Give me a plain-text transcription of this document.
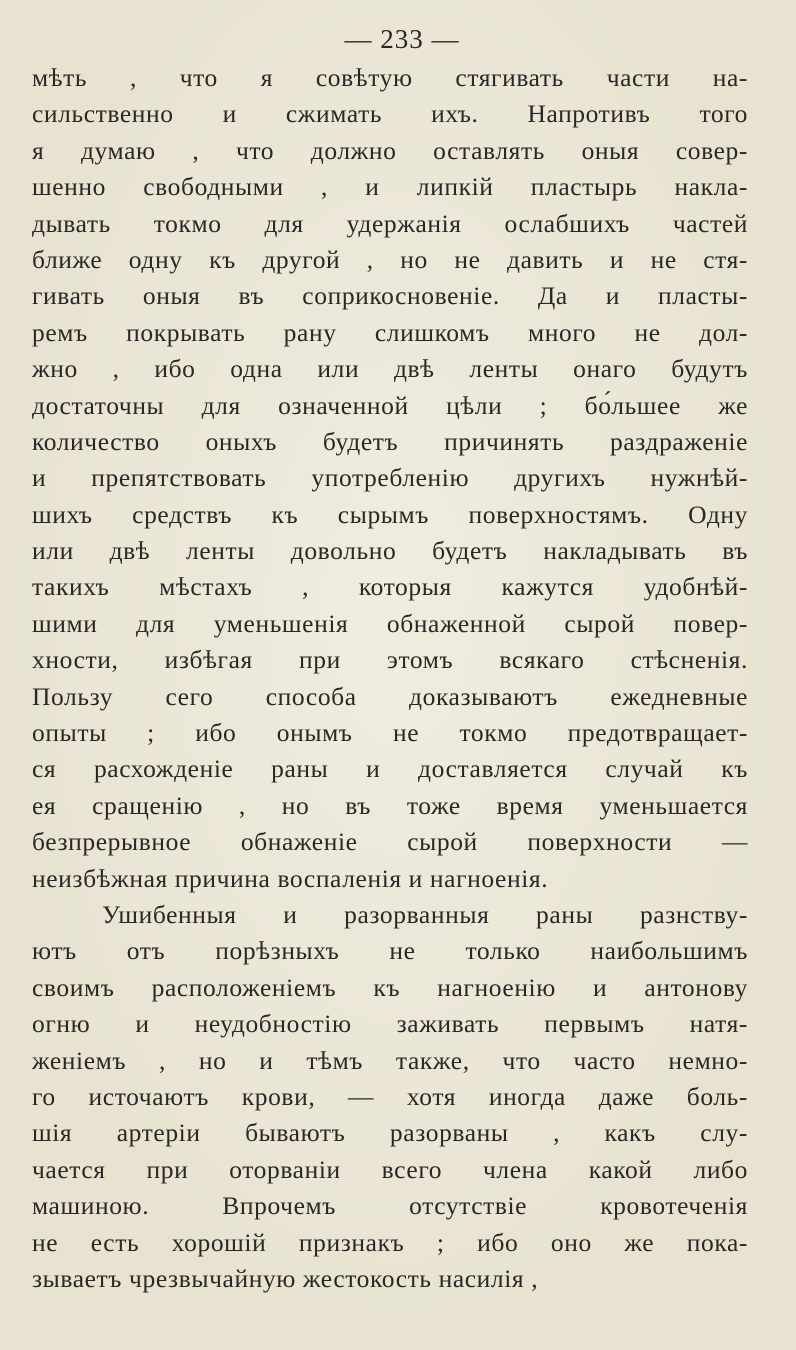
— 233 —
мѣть , что я совѣтую стягивать части на-
сильственно и сжимать ихъ. Напротивъ того
я думаю , что должно оставлять оныя совер-
шенно свободными , и липкій пластырь накла-
дывать токмо для удержанія ослабшихъ частей
ближе одну къ другой , но не давить и не стя-
гивать оныя въ соприкосновеніе. Да и пласты-
ремъ покрывать рану слишкомъ много не дол-
жно , ибо одна или двѣ ленты онаго будутъ
достаточны для означенной цѣли ; бо́льшее же
количество оныхъ будетъ причинять раздраженіе
и препятствовать употребленію другихъ нужнѣй-
шихъ средствъ къ сырымъ поверхностямъ. Одну
или двѣ ленты довольно будетъ накладывать въ
такихъ мѣстахъ , которыя кажутся удобнѣй-
шими для уменьшенія обнаженной сырой повер-
хности, избѣгая при этомъ всякаго стѣсненія.
Пользу сего способа доказываютъ ежедневные
опыты ; ибо онымъ не токмо предотвращает-
ся расхожденіе раны и доставляется случай къ
ея сращенію , но въ тоже время уменьшается
безпрерывное обнаженіе сырой поверхности —
неизбѣжная причина воспаленія и нагноенія.
Ушибенныя и разорванныя раны разнству-
ютъ отъ порѣзныхъ не только наибольшимъ
своимъ расположеніемъ къ нагноенію и антонову
огню и неудобностію заживать первымъ натя-
женіемъ , но и тѣмъ также, что часто немно-
го источаютъ крови, — хотя иногда даже боль-
шія артеріи бываютъ разорваны , какъ слу-
чается при оторваніи всего члена какой либо
машиною. Впрочемъ отсутствіе кровотеченія
не есть хорошій признакъ ; ибо оно же пока-
зываетъ чрезвычайную жестокость насилія ,
